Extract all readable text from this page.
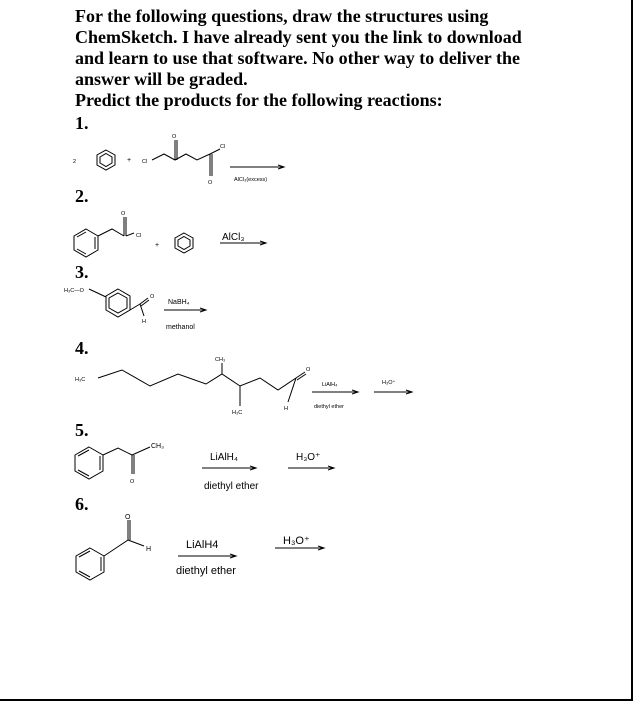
For the following questions, draw the structures using

ChemSketch. I have already sent you the link to download

and learn to use that software. No other way to deliver the

answer will be graded.

Predict the products for the following reactions:

1.
2	+ Cl
O
O
Cl
AlCl₃(excess)
2.
O
Cl
+
AlCl₃
3.
H₃C—O
O
H
NaBH₄
methanol
4.
H₃C
CH₃
H₃C
O
H
LiAlH₄
diethyl ether
H₃O⁺
5.
CH₃
O
LiAlH₄
diethyl ether
H₃O⁺
6.
O
H	LiAlH4
diethyl ether
H₃O⁺
